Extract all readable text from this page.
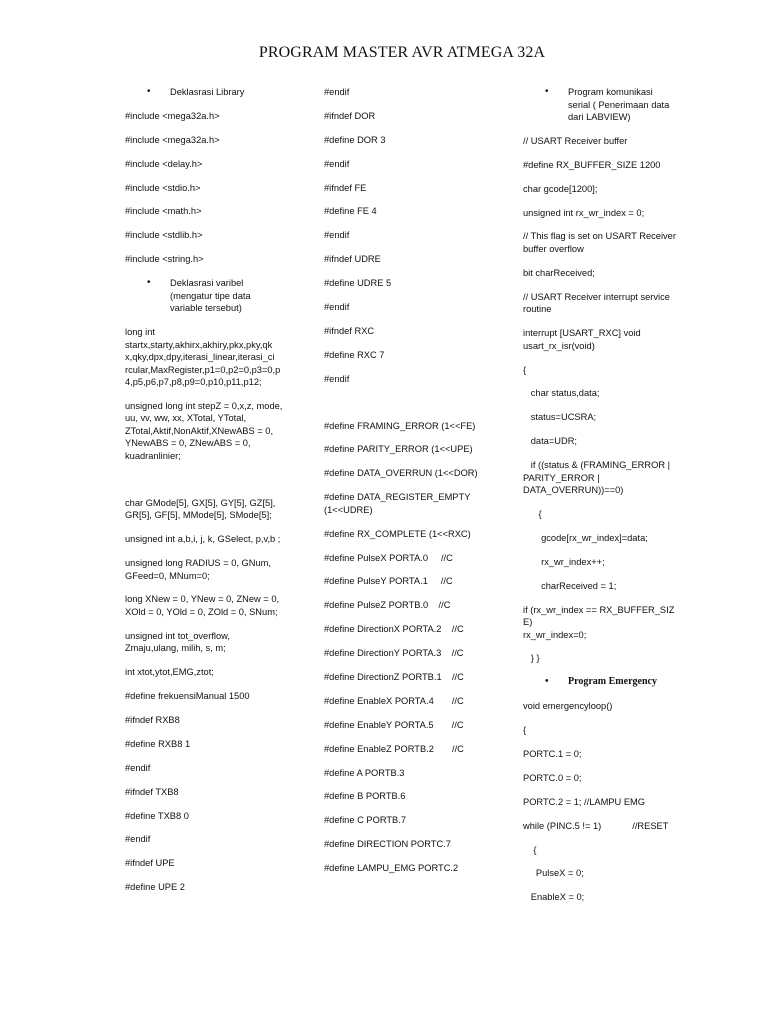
PROGRAM MASTER AVR ATMEGA 32A
• Deklasrasi Library
#include <mega32a.h>
#include <mega32a.h>
#include <delay.h>
#include <stdio.h>
#include <math.h>
#include <stdlib.h>
#include <string.h>
• Deklasrasi varibel
(mengatur tipe data
variable tersebut)
long int
startx,starty,akhirx,akhiry,pkx,pky,qk
x,qky,dpx,dpy,iterasi_linear,iterasi_ci
rcular,MaxRegister,p1=0,p2=0,p3=0,p
4,p5,p6,p7,p8,p9=0,p10,p11,p12;
unsigned long int stepZ = 0,x,z, mode,
uu, vv, ww, xx, XTotal, YTotal,
ZTotal,Aktif,NonAktif,XNewABS = 0,
YNewABS = 0, ZNewABS = 0,
kuadranlinier;
char GMode[5], GX[5], GY[5], GZ[5],
GR[5], GF[5], MMode[5], SMode[5];
unsigned int a,b,i, j, k, GSelect, p,v,b ;
unsigned long RADIUS = 0, GNum,
GFeed=0, MNum=0;
long XNew = 0, YNew = 0, ZNew = 0,
XOld = 0, YOld = 0, ZOld = 0, SNum;
unsigned int tot_overflow,
Zmaju,ulang, milih, s, m;
int xtot,ytot,EMG,ztot;
#define frekuensiManual 1500
#ifndef RXB8
#define RXB8 1
#endif
#ifndef TXB8
#define TXB8 0
#endif
#ifndef UPE
#define UPE 2
#endif
#ifndef DOR
#define DOR 3
#endif
#ifndef FE
#define FE 4
#endif
#ifndef UDRE
#define UDRE 5
#endif
#ifndef RXC
#define RXC 7
#endif
#define FRAMING_ERROR (1<<FE)
#define PARITY_ERROR (1<<UPE)
#define DATA_OVERRUN (1<<DOR)
#define DATA_REGISTER_EMPTY
(1<<UDRE)
#define RX_COMPLETE (1<<RXC)
#define PulseX PORTA.0     //C
#define PulseY PORTA.1     //C
#define PulseZ PORTB.0    //C
#define DirectionX PORTA.2    //C
#define DirectionY PORTA.3    //C
#define DirectionZ PORTB.1    //C
#define EnableX PORTA.4       //C
#define EnableY PORTA.5       //C
#define EnableZ PORTB.2       //C
#define A PORTB.3
#define B PORTB.6
#define C PORTB.7
#define DIRECTION PORTC.7
#define LAMPU_EMG PORTC.2
• Program komunikasi
serial ( Penerimaan data
dari LABVIEW)
// USART Receiver buffer
#define RX_BUFFER_SIZE 1200
char gcode[1200];
unsigned int rx_wr_index = 0;
// This flag is set on USART Receiver
buffer overflow
bit charReceived;
// USART Receiver interrupt service
routine
interrupt [USART_RXC] void
usart_rx_isr(void)
{
char status,data;
status=UCSRA;
data=UDR;
if ((status & (FRAMING_ERROR |
PARITY_ERROR |
DATA_OVERRUN))==0)
{
gcode[rx_wr_index]=data;
rx_wr_index++;
charReceived = 1;
if (rx_wr_index == RX_BUFFER_SIZE)
rx_wr_index=0;
} }
• Program Emergency
void emergencyloop()
{
PORTC.1 = 0;
PORTC.0 = 0;
PORTC.2 = 1; //LAMPU EMG
while (PINC.5 != 1)            //RESET
{
PulseX = 0;
EnableX = 0;
